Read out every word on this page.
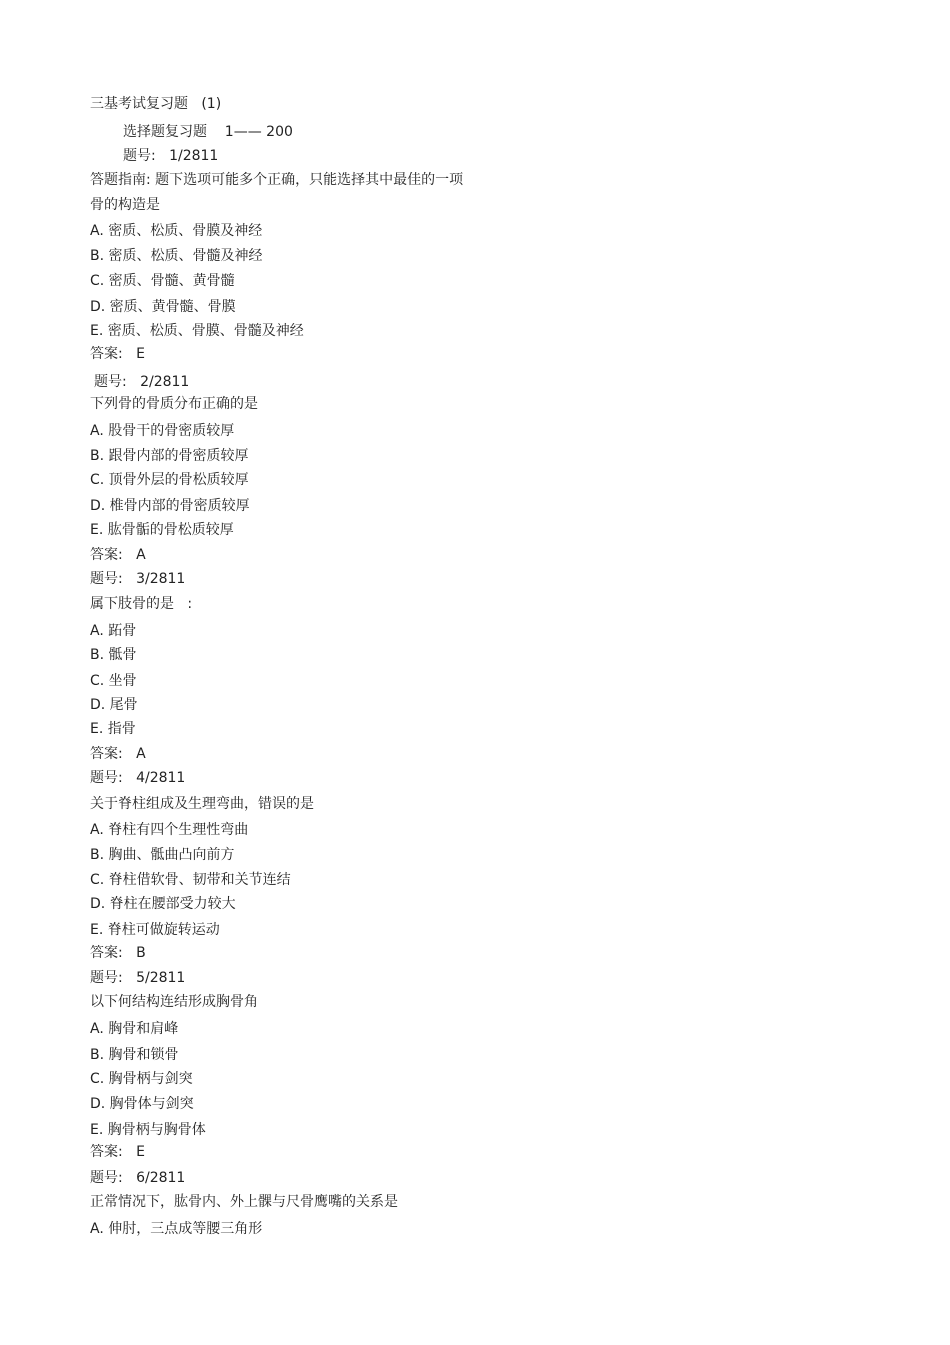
三基考试复习题   (1)
选择题复习题    1—— 200
题号:   1/2811
答题指南: 题下选项可能多个正确，只能选择其中最佳的一项
骨的构造是
A. 密质、松质、骨膜及神经
B. 密质、松质、骨髓及神经
C. 密质、骨髓、黄骨髓
D. 密质、黄骨髓、骨膜
E. 密质、松质、骨膜、骨髓及神经
答案:   E
题号:   2/2811
下列骨的骨质分布正确的是
A. 股骨干的骨密质较厚
B. 跟骨内部的骨密质较厚
C. 顶骨外层的骨松质较厚
D. 椎骨内部的骨密质较厚
E. 肱骨骺的骨松质较厚
答案:   A
题号:   3/2811
属下肢骨的是   :
A. 跖骨
B. 骶骨
C. 坐骨
D. 尾骨
E. 指骨
答案:   A
题号:   4/2811
关于脊柱组成及生理弯曲，错误的是
A. 脊柱有四个生理性弯曲
B. 胸曲、骶曲凸向前方
C. 脊柱借软骨、韧带和关节连结
D. 脊柱在腰部受力较大
E. 脊柱可做旋转运动
答案:   B
题号:   5/2811
以下何结构连结形成胸骨角
A. 胸骨和肩峰
B. 胸骨和锁骨
C. 胸骨柄与剑突
D. 胸骨体与剑突
E. 胸骨柄与胸骨体
答案:   E
题号:   6/2811
正常情况下，肱骨内、外上髁与尺骨鹰嘴的关系是
A. 伸肘，三点成等腰三角形
